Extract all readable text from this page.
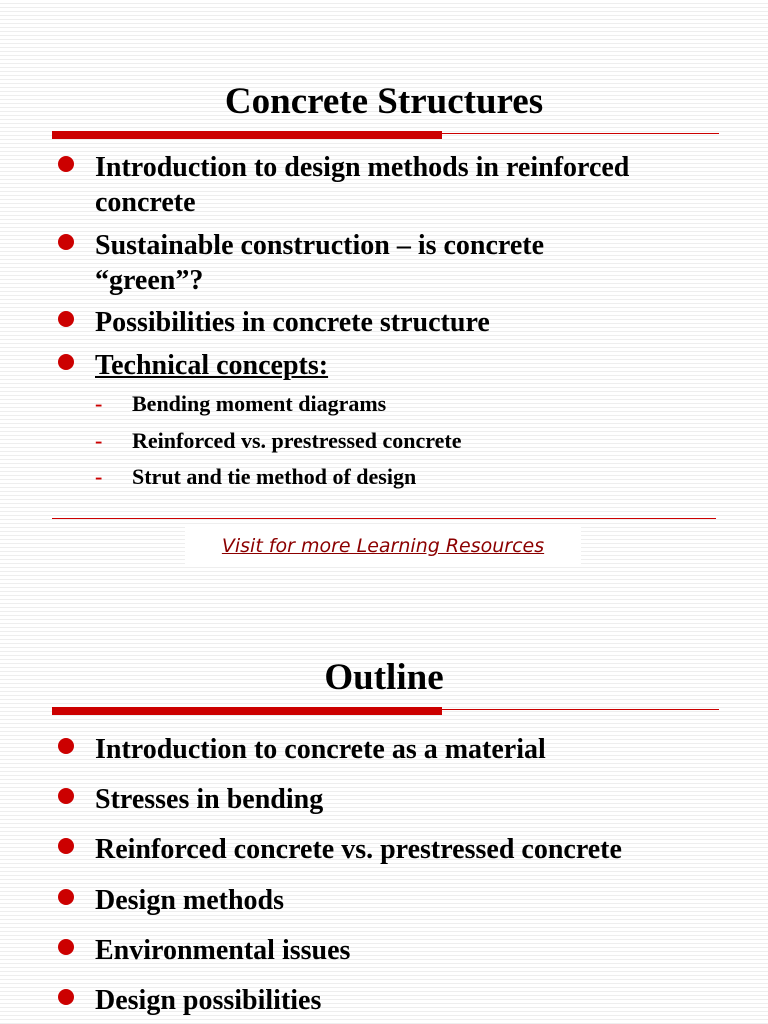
Concrete Structures
Introduction to design methods in reinforced
concrete
Sustainable construction – is concrete
“green”?
Possibilities in concrete structure
Technical concepts:
- Bending moment diagrams
- Reinforced vs. prestressed concrete
- Strut and tie method of design
Visit for more Learning Resources
Outline
Introduction to concrete as a material
Stresses in bending
Reinforced concrete vs. prestressed concrete
Design methods
Environmental issues
Design possibilities
